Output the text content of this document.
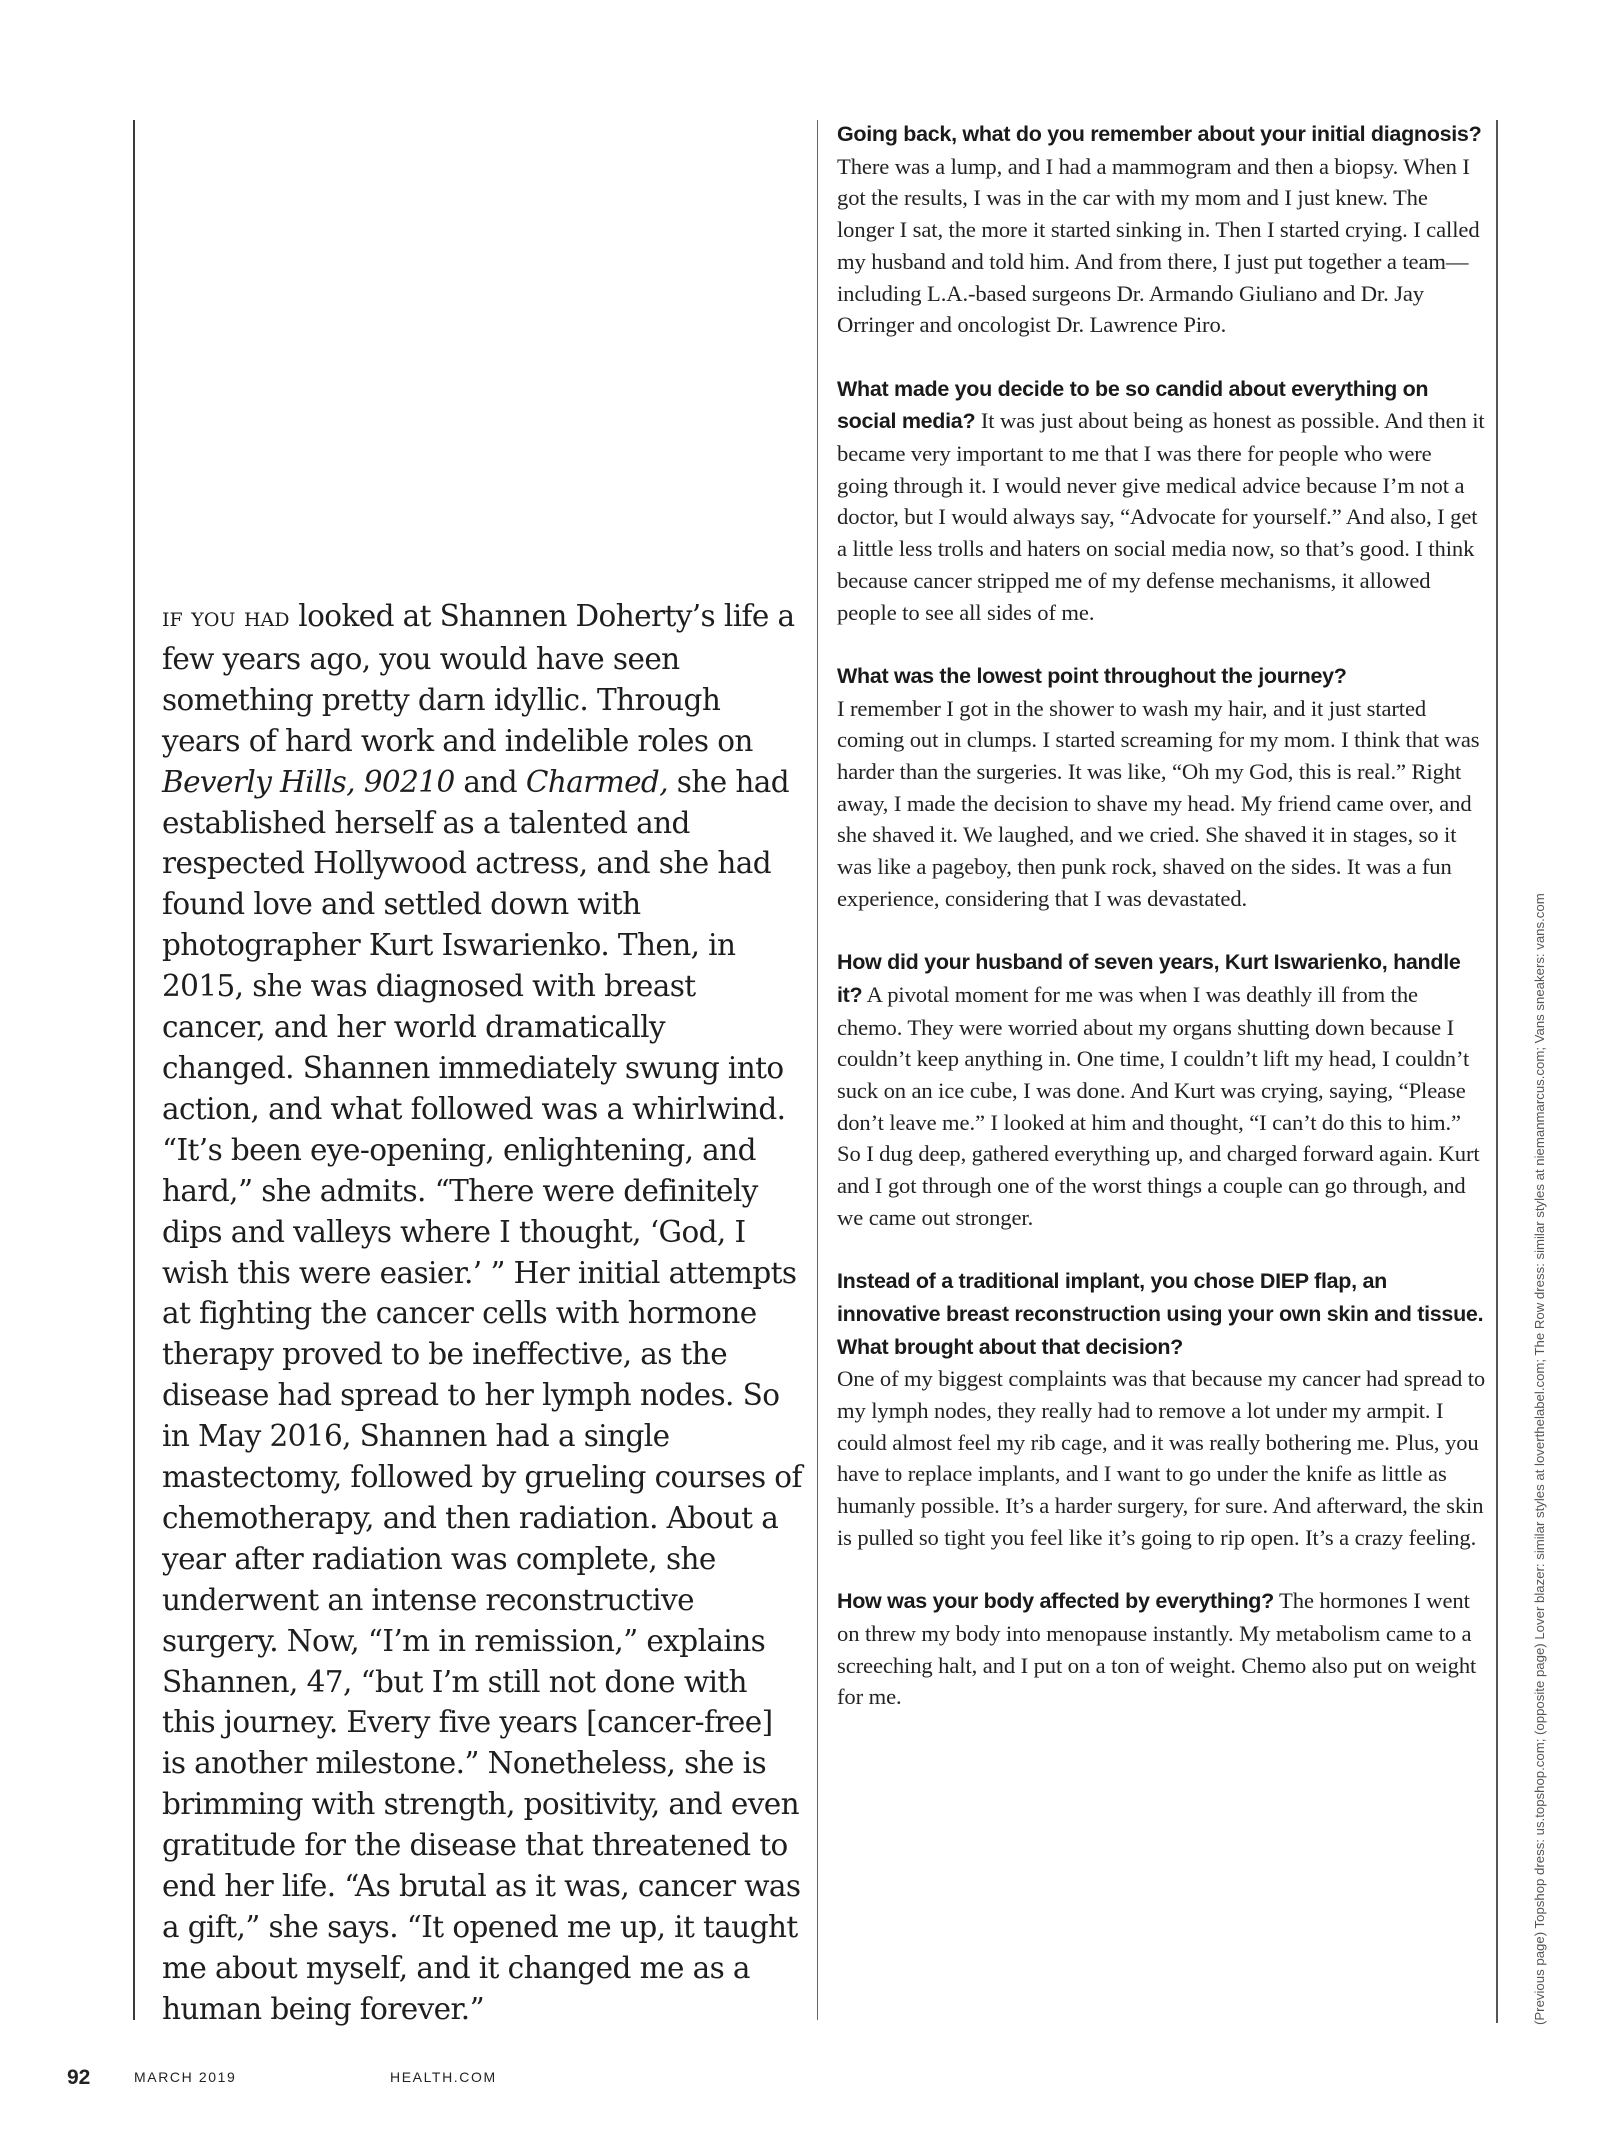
if you had looked at Shannen Doherty’s life a few years ago, you would have seen something pretty darn idyllic. Through years of hard work and indelible roles on Beverly Hills, 90210 and Charmed, she had established herself as a talented and respected Hollywood actress, and she had found love and settled down with photographer Kurt Iswarienko. Then, in 2015, she was diagnosed with breast cancer, and her world dramatically changed. Shannen immediately swung into action, and what followed was a whirlwind. “It’s been eye-opening, enlightening, and hard,” she admits. “There were definitely dips and valleys where I thought, ‘God, I wish this were easier.’ ” Her initial attempts at fighting the cancer cells with hormone therapy proved to be ineffective, as the disease had spread to her lymph nodes. So in May 2016, Shannen had a single mastectomy, followed by grueling courses of chemotherapy, and then radiation. About a year after radiation was complete, she underwent an intense reconstructive surgery. Now, “I’m in remission,” explains Shannen, 47, “but I’m still not done with this journey. Every five years [cancer-free] is another milestone.” Nonetheless, she is brimming with strength, positivity, and even gratitude for the disease that threatened to end her life. “As brutal as it was, cancer was a gift,” she says. “It opened me up, it taught me about myself, and it changed me as a human being forever.”

Going back, what do you remember about your initial diagnosis? There was a lump, and I had a mammogram and then a biopsy. When I got the results, I was in the car with my mom and I just knew. The longer I sat, the more it started sinking in. Then I started crying. I called my husband and told him. And from there, I just put together a team—including L.A.-based surgeons Dr. Armando Giuliano and Dr. Jay Orringer and oncologist Dr. Lawrence Piro.

What made you decide to be so candid about everything on social media? It was just about being as honest as possible. And then it became very important to me that I was there for people who were going through it. I would never give medical advice because I’m not a doctor, but I would always say, “Advocate for yourself.” And also, I get a little less trolls and haters on social media now, so that’s good. I think because cancer stripped me of my defense mechanisms, it allowed people to see all sides of me.

What was the lowest point throughout the journey?
I remember I got in the shower to wash my hair, and it just started coming out in clumps. I started screaming for my mom. I think that was harder than the surgeries. It was like, “Oh my God, this is real.” Right away, I made the decision to shave my head. My friend came over, and she shaved it. We laughed, and we cried. She shaved it in stages, so it was like a pageboy, then punk rock, shaved on the sides. It was a fun experience, considering that I was devastated.

How did your husband of seven years, Kurt Iswarienko, handle it? A pivotal moment for me was when I was deathly ill from the chemo. They were worried about my organs shutting down because I couldn’t keep anything in. One time, I couldn’t lift my head, I couldn’t suck on an ice cube, I was done. And Kurt was crying, saying, “Please don’t leave me.” I looked at him and thought, “I can’t do this to him.” So I dug deep, gathered everything up, and charged forward again. Kurt and I got through one of the worst things a couple can go through, and we came out stronger.

Instead of a traditional implant, you chose DIEP flap, an innovative breast reconstruction using your own skin and tissue. What brought about that decision?
One of my biggest complaints was that because my cancer had spread to my lymph nodes, they really had to remove a lot under my armpit. I could almost feel my rib cage, and it was really bothering me. Plus, you have to replace implants, and I want to go under the knife as little as humanly possible. It’s a harder surgery, for sure. And afterward, the skin is pulled so tight you feel like it’s going to rip open. It’s a crazy feeling.

How was your body affected by everything? The hormones I went on threw my body into menopause instantly. My metabolism came to a screeching halt, and I put on a ton of weight. Chemo also put on weight for me.	(Previous page) Topshop dress: us.topshop.com; (opposite page) Lover blazer: similar styles at loverthelabel.com; The Row dress: similar styles at niemanmarcus.com; Vans sneakers: vans.com
92	MARCH 2019	HEALTH.COM
